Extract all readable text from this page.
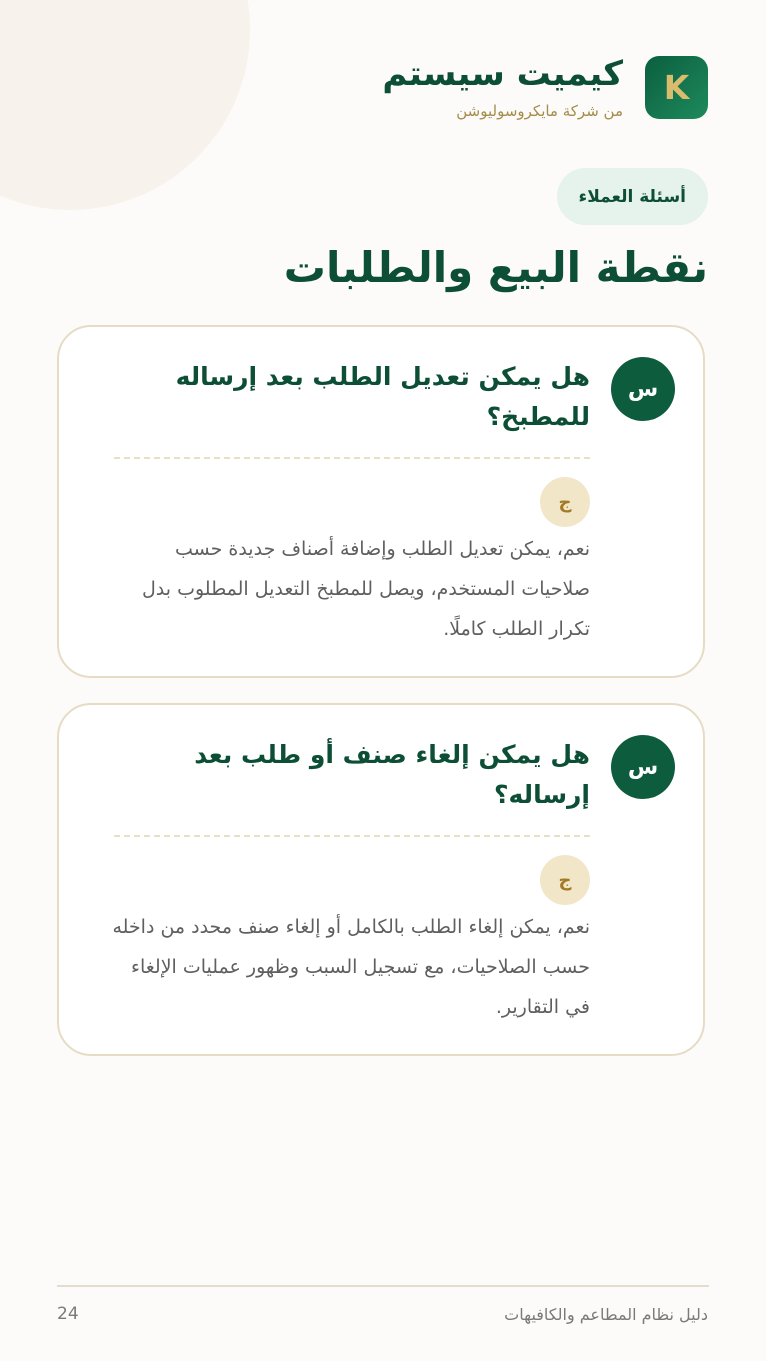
K
كيميت سيستم
من شركة مايكروسوليوشن
أسئلة العملاء
نقطة البيع والطلبات
س
هل يمكن تعديل الطلب بعد إرساله للمطبخ؟
ج

نعم، يمكن تعديل الطلب وإضافة أصناف جديدة حسب صلاحيات المستخدم، ويصل للمطبخ التعديل المطلوب بدل تكرار الطلب كاملًا.

س
هل يمكن إلغاء صنف أو طلب بعد إرساله؟
ج

نعم، يمكن إلغاء الطلب بالكامل أو إلغاء صنف محدد من داخله حسب الصلاحيات، مع تسجيل السبب وظهور عمليات الإلغاء في التقارير.

دليل نظام المطاعم والكافيهات
24
